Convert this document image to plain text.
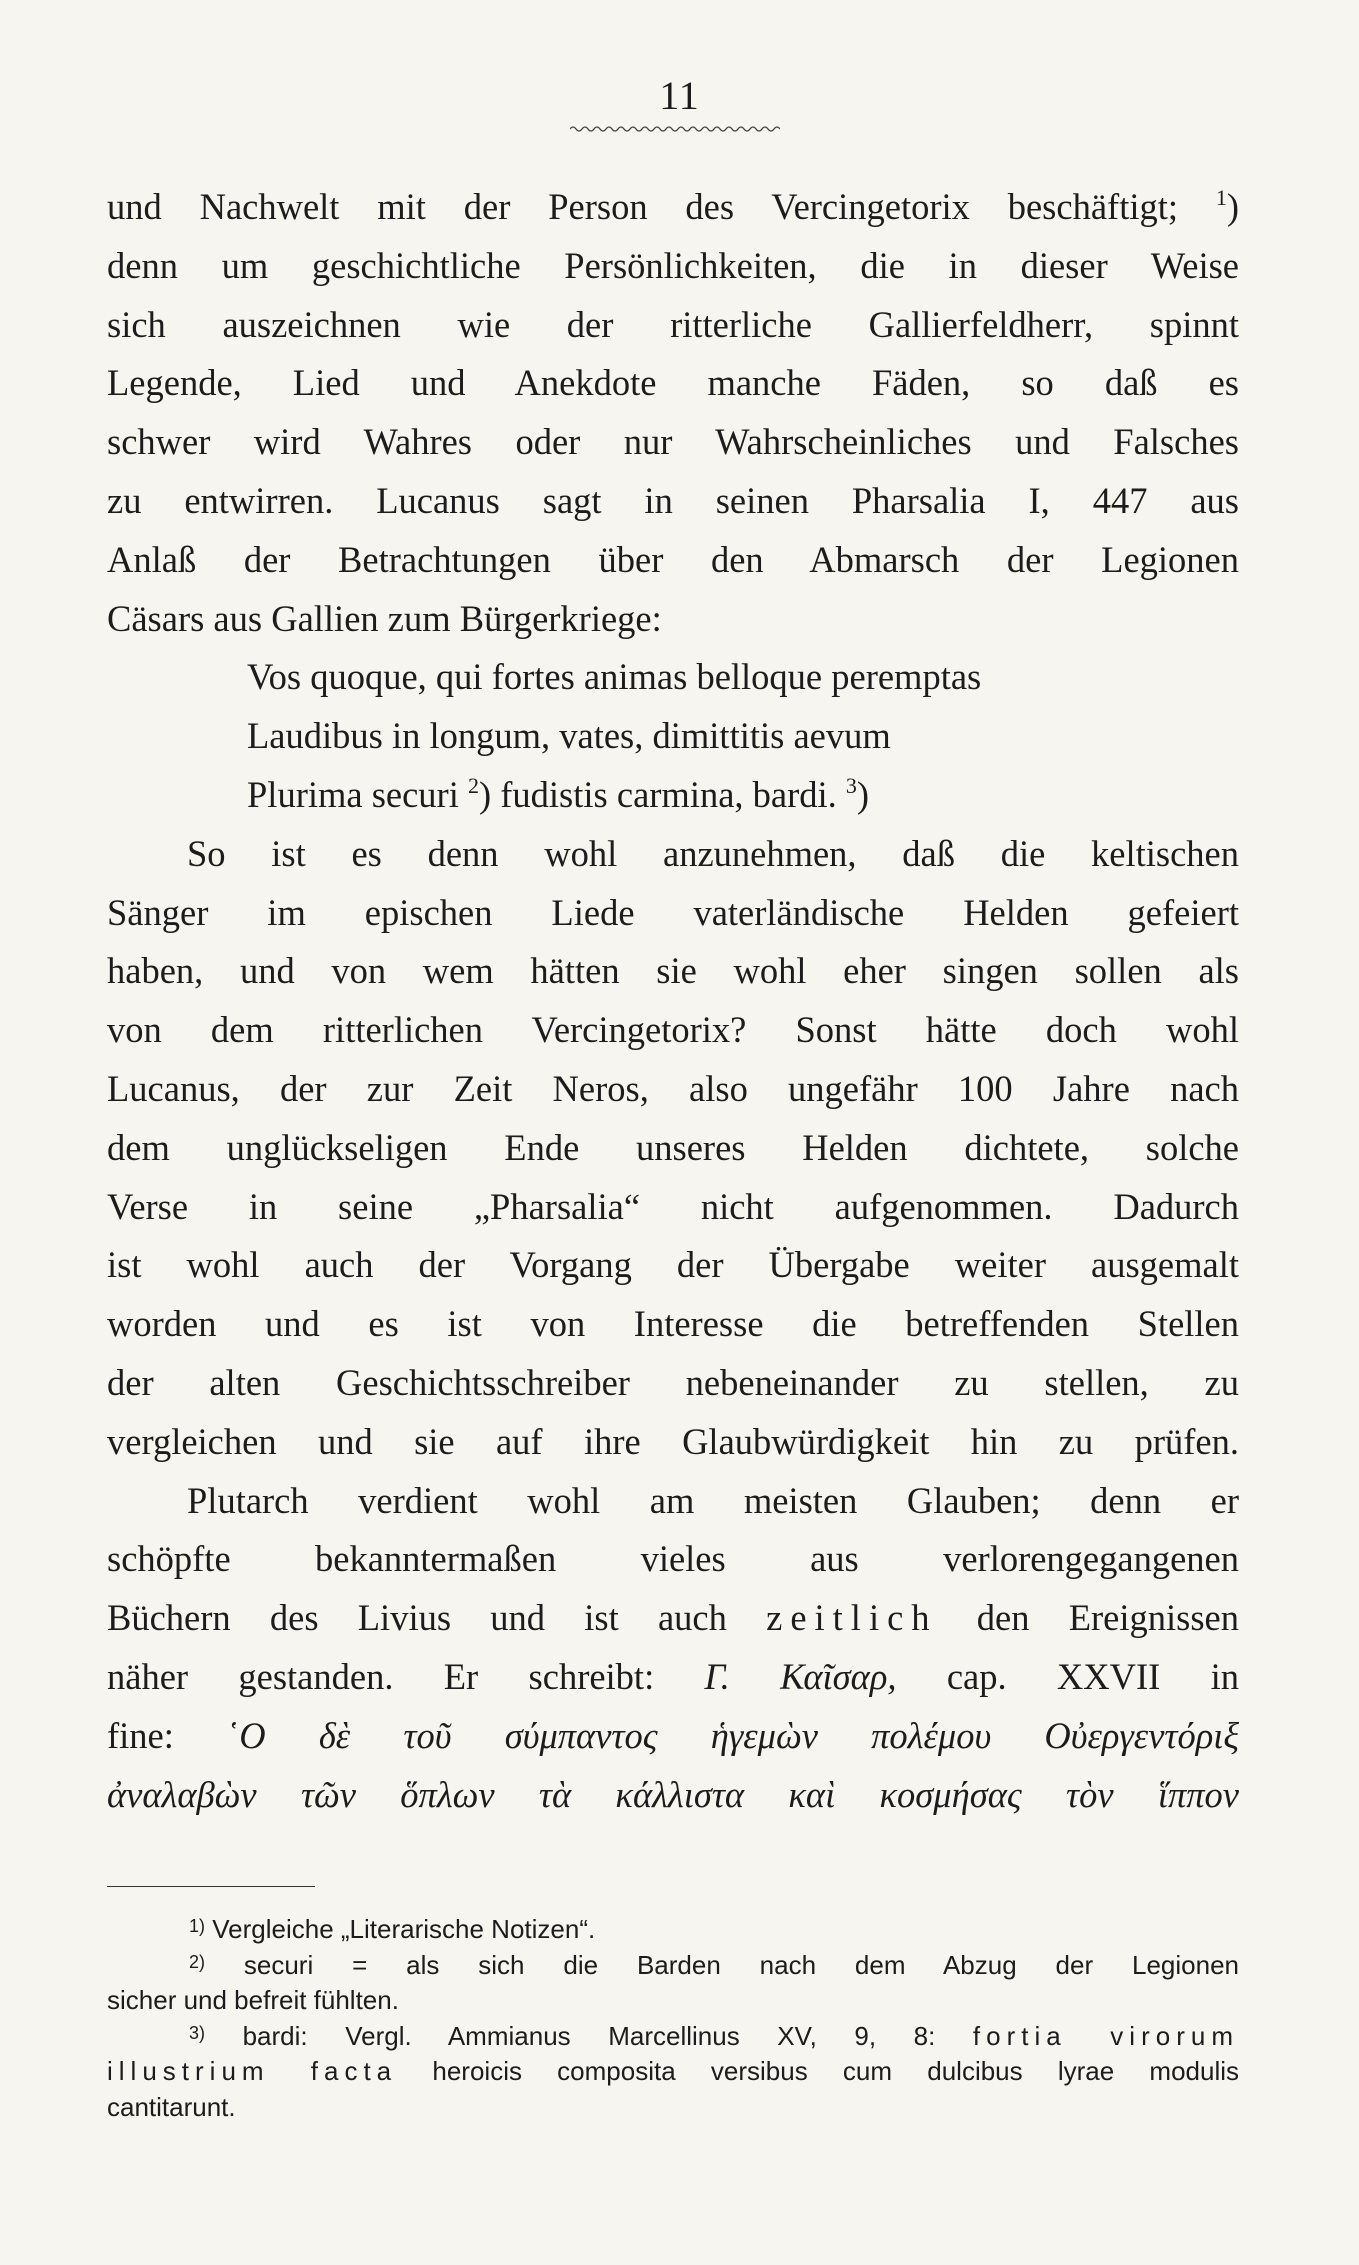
11
und Nachwelt mit der Person des Vercingetorix beschäftigt; $^1$)
denn um geschichtliche Persönlichkeiten, die in dieser Weise
sich auszeichnen wie der ritterliche Gallierfeldherr, spinnt
Legende, Lied und Anekdote manche Fäden, so daß es
schwer wird Wahres oder nur Wahrscheinliches und Falsches
zu entwirren. Lucanus sagt in seinen Pharsalia I, 447 aus
Anlaß der Betrachtungen über den Abmarsch der Legionen
Cäsars aus Gallien zum Bürgerkriege:
Vos quoque, qui fortes animas belloque peremptas
Laudibus in longum, vates, dimittitis aevum
Plurima securi $^2$) fudistis carmina, bardi. $^3$)
So ist es denn wohl anzunehmen, daß die keltischen
Sänger im epischen Liede vaterländische Helden gefeiert
haben, und von wem hätten sie wohl eher singen sollen als
von dem ritterlichen Vercingetorix? Sonst hätte doch wohl
Lucanus, der zur Zeit Neros, also ungefähr 100 Jahre nach
dem unglückseligen Ende unseres Helden dichtete, solche
Verse in seine „Pharsalia“ nicht aufgenommen. Dadurch
ist wohl auch der Vorgang der Übergabe weiter ausgemalt
worden und es ist von Interesse die betreffenden Stellen
der alten Geschichtsschreiber nebeneinander zu stellen, zu
vergleichen und sie auf ihre Glaubwürdigkeit hin zu prüfen.
Plutarch verdient wohl am meisten Glauben; denn er
schöpfte bekanntermaßen vieles aus verlorengegangenen
Büchern des Livius und ist auch zeitlich den Ereignissen
näher gestanden. Er schreibt: Γ. Καῖσαρ, cap. XXVII in
fine: ῾Ο δὲ τοῦ σύμπαντος ἡγεμὼν πολέμου Οὐεργεντόριξ
ἀναλαβὼν τῶν ὅπλων τὰ κάλλιστα καὶ κοσμήσας τὸν ἵππον
$^{1)}$ Vergleiche „Literarische Notizen“.
$^{2)}$ securi = als sich die Barden nach dem Abzug der Legionen
sicher und befreit fühlten.
$^{3)}$ bardi: Vergl. Ammianus Marcellinus XV, 9, 8: fortia virorum
illustrium facta heroicis composita versibus cum dulcibus lyrae modulis
cantitarunt.
